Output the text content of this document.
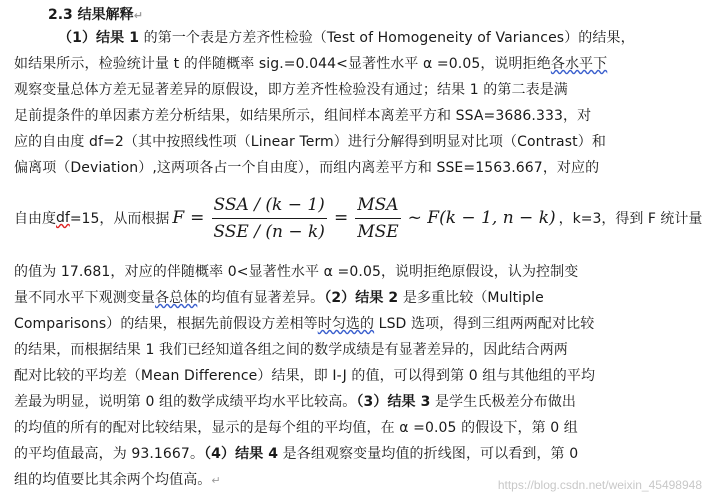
2.3 结果解释↵
（1）结果 1 的第一个表是方差齐性检验（Test of Homogeneity of Variances）的结果，
如结果所示，检验统计量 t 的伴随概率 sig.=0.044<显著性水平 α =0.05，说明拒绝各水平下
观察变量总体方差无显著差异的原假设，即方差齐性检验没有通过；结果 1 的第二表是满
足前提条件的单因素方差分析结果，如结果所示，组间样本离差平方和 SSA=3686.333，对
应的自由度 df=2（其中按照线性项（Linear Term）进行分解得到明显对比项（Contrast）和
偏离项（Deviation）,这两项各占一个自由度），而组内离差平方和 SSE=1563.667，对应的
自由度 df =15，从而根据 $F = \frac{\text{SSA / (k − 1)}}{\text{SSE / (n − k)}} = \frac{\text{MSA}}{\text{MSE}}$ ~ F(k − 1, n − k) ，k=3，得到 F 统计量
的值为 17.681，对应的伴随概率 0<显著性水平 α =0.05，说明拒绝原假设，认为控制变
量不同水平下观测变量各总体的均值有显著差异。（2）结果 2 是多重比较（Multiple
Comparisons）的结果，根据先前假设方差相等时匀选的 LSD 选项，得到三组两两配对比较
的结果，而根据结果 1 我们已经知道各组之间的数学成绩是有显著差异的，因此结合两两
配对比较的平均差（Mean Difference）结果，即 I-J 的值，可以得到第 0 组与其他组的平均
差最为明显，说明第 0 组的数学成绩平均水平比较高。（3）结果 3 是学生氏极差分布做出
的均值的所有的配对比较结果，显示的是每个组的平均值，在 α =0.05 的假设下，第 0 组
的平均值最高，为 93.1667。（4）结果 4 是各组观察变量均值的折线图，可以看到，第 0
组的均值要比其余两个均值高。↵	https://blog.csdn.net/weixin_45498948
